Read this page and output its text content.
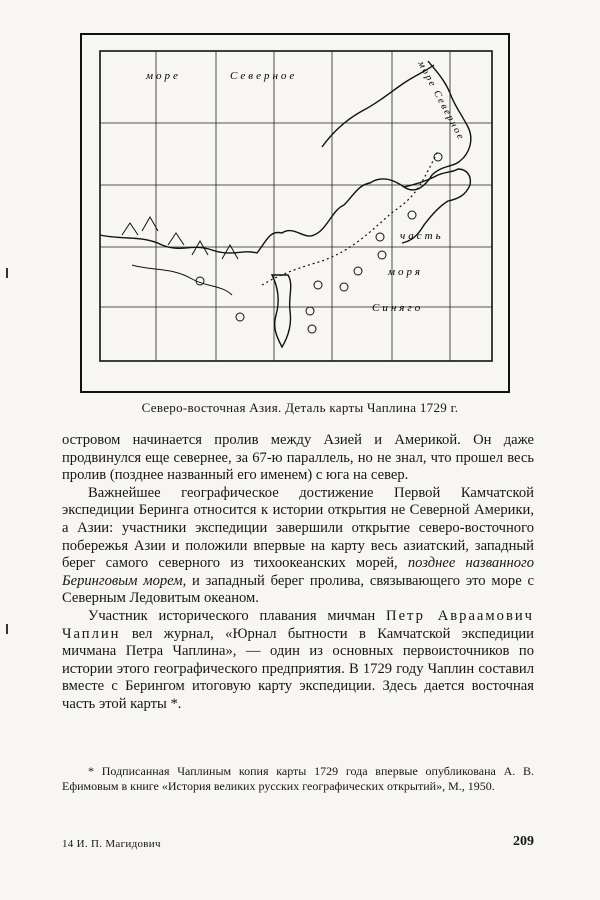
море	Северное	море Северное
часть
моря
Синяго
Северо-восточная Азия. Деталь карты Чаплина 1729 г.

островом начинается пролив между Азией и Америкой. Он даже продвинулся еще севернее, за 67-ю параллель, но не знал, что прошел весь пролив (позднее названный его именем) с юга на север.

Важнейшее географическое достижение Первой Камчатской экспедиции Беринга относится к истории открытия не Северной Америки, а Азии: участники экспедиции завершили открытие северо-восточного побережья Азии и положили впервые на карту весь азиатский, западный берег самого северного из тихоокеанских морей, позднее названного Беринговым морем, и западный берег пролива, связывающего это море с Северным Ледовитым океаном.

Участник исторического плавания мичман Петр Авраамович Чаплин вел журнал, «Юрнал бытности в Камчатской экспедиции мичмана Петра Чаплина», — один из основных первоисточников по истории этого географического предприятия. В 1729 году Чаплин составил вместе с Берингом итоговую карту экспедиции. Здесь дается восточная часть этой карты *.

* Подписанная Чаплиным копия карты 1729 года впервые опубликована А. В. Ефимовым в книге «История великих русских географических открытий», М., 1950.

14 И. П. Магидович	209
